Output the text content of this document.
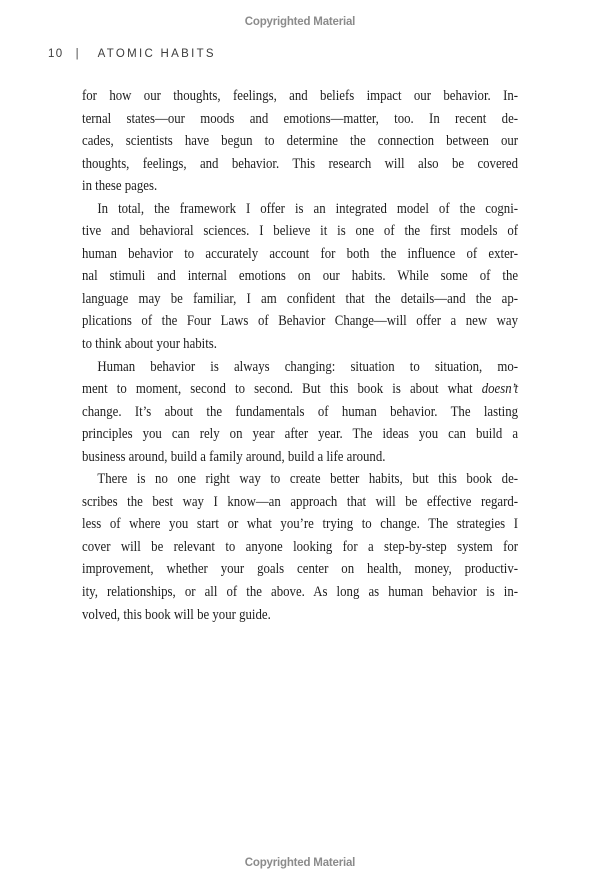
Copyrighted Material
10 | ATOMIC HABITS
for how our thoughts, feelings, and beliefs impact our behavior. In-
ternal states—our moods and emotions—matter, too. In recent de-
cades, scientists have begun to determine the connection between our
thoughts, feelings, and behavior. This research will also be covered
in these pages.
In total, the framework I offer is an integrated model of the cogni-
tive and behavioral sciences. I believe it is one of the first models of
human behavior to accurately account for both the influence of exter-
nal stimuli and internal emotions on our habits. While some of the
language may be familiar, I am confident that the details—and the ap-
plications of the Four Laws of Behavior Change—will offer a new way
to think about your habits.
Human behavior is always changing: situation to situation, mo-
ment to moment, second to second. But this book is about what doesn’t
change. It’s about the fundamentals of human behavior. The lasting
principles you can rely on year after year. The ideas you can build a
business around, build a family around, build a life around.
There is no one right way to create better habits, but this book de-
scribes the best way I know—an approach that will be effective regard-
less of where you start or what you’re trying to change. The strategies I
cover will be relevant to anyone looking for a step-by-step system for
improvement, whether your goals center on health, money, productiv-
ity, relationships, or all of the above. As long as human behavior is in-
volved, this book will be your guide.
Copyrighted Material
